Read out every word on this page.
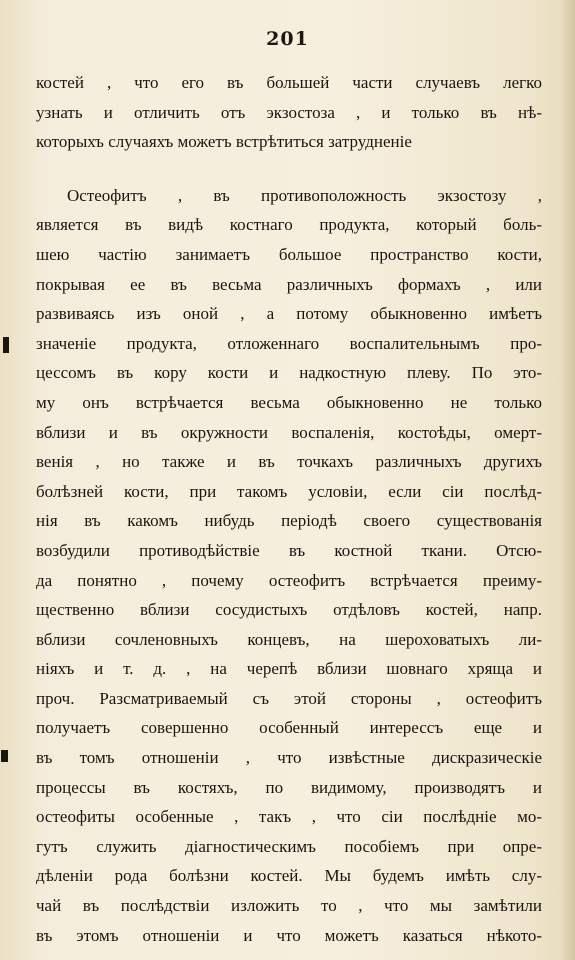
201
костей , что его въ большей части случаевъ легко
узнать и отличить отъ экзостоза , и только въ нѣ-
которыхъ случаяхъ можетъ встрѣтиться затрудненіе
Остеофитъ , въ противоположность экзостозу ,
является въ видѣ костнаго продукта, который боль-
шею частію занимаетъ большое пространство кости,
покрывая ее въ весьма различныхъ формахъ , или
развиваясь изъ оной , а потому обыкновенно имѣетъ
значеніе продукта, отложеннаго воспалительнымъ про-
цессомъ въ кору кости и надкостную плеву. По это-
му онъ встрѣчается весьма обыкновенно не только
вблизи и въ окружности воспаленія, костоѣды, омерт-
венія , но также и въ точкахъ различныхъ другихъ
болѣзней кости, при такомъ условіи, если сіи послѣд-
нія въ какомъ нибудь періодѣ своего существованія
возбудили противодѣйствіе въ костной ткани. Отсю-
да понятно , почему остеофитъ встрѣчается преиму-
щественно вблизи сосудистыхъ отдѣловъ костей, напр.
вблизи сочленовныхъ концевъ, на шероховатыхъ ли-
ніяхъ и т. д. , на черепѣ вблизи шовнаго хряща и
проч. Разсматриваемый съ этой стороны , остеофитъ
получаетъ совершенно особенный интерессъ еще и
въ томъ отношеніи , что извѣстные дискразическіе
процессы въ костяхъ, по видимому, производятъ и
остеофиты особенные , такъ , что сіи послѣдніе мо-
гутъ служить діагностическимъ пособіемъ при опре-
дѣленіи рода болѣзни костей. Мы будемъ имѣть слу-
чай въ послѣдствіи изложить то , что мы замѣтили
въ этомъ отношеніи и что можетъ казаться нѣкото-
